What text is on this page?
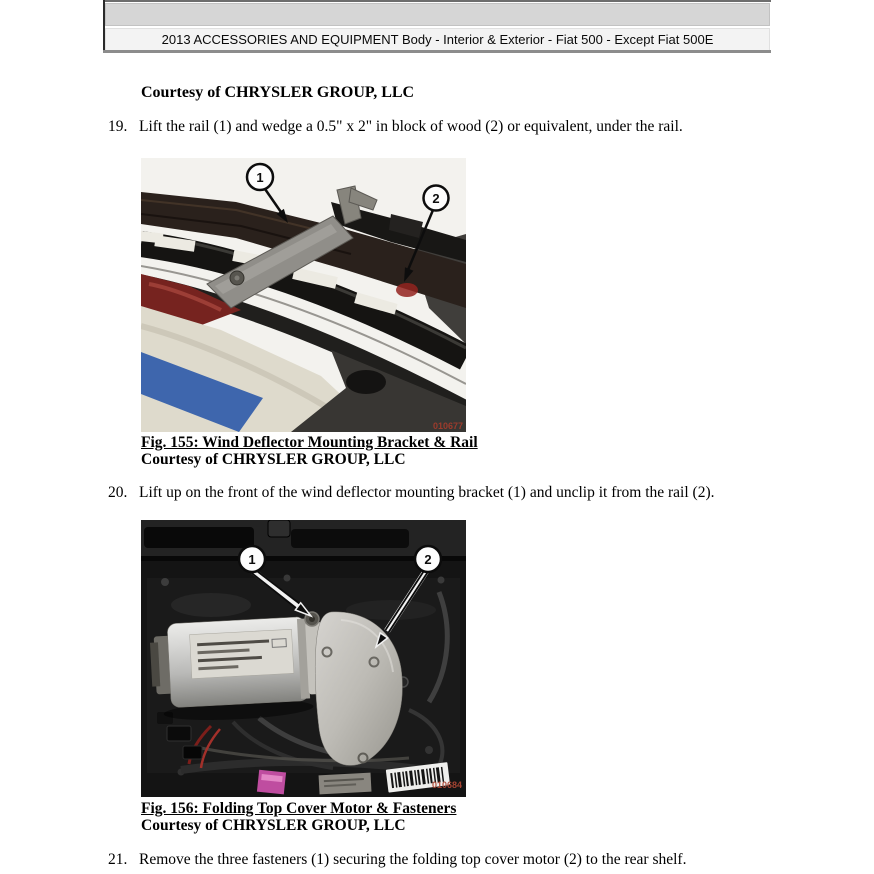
2013 ACCESSORIES AND EQUIPMENT Body - Interior & Exterior - Fiat 500 - Except Fiat 500E
Courtesy of CHRYSLER GROUP, LLC
19. Lift the rail (1) and wedge a 0.5" x 2" in block of wood (2) or equivalent, under the rail.
1
2
010677
Fig. 155: Wind Deflector Mounting Bracket & Rail
Courtesy of CHRYSLER GROUP, LLC
20. Lift up on the front of the wind deflector mounting bracket (1) and unclip it from the rail (2).
010684
1	2
Fig. 156: Folding Top Cover Motor & Fasteners
Courtesy of CHRYSLER GROUP, LLC
21. Remove the three fasteners (1) securing the folding top cover motor (2) to the rear shelf.
